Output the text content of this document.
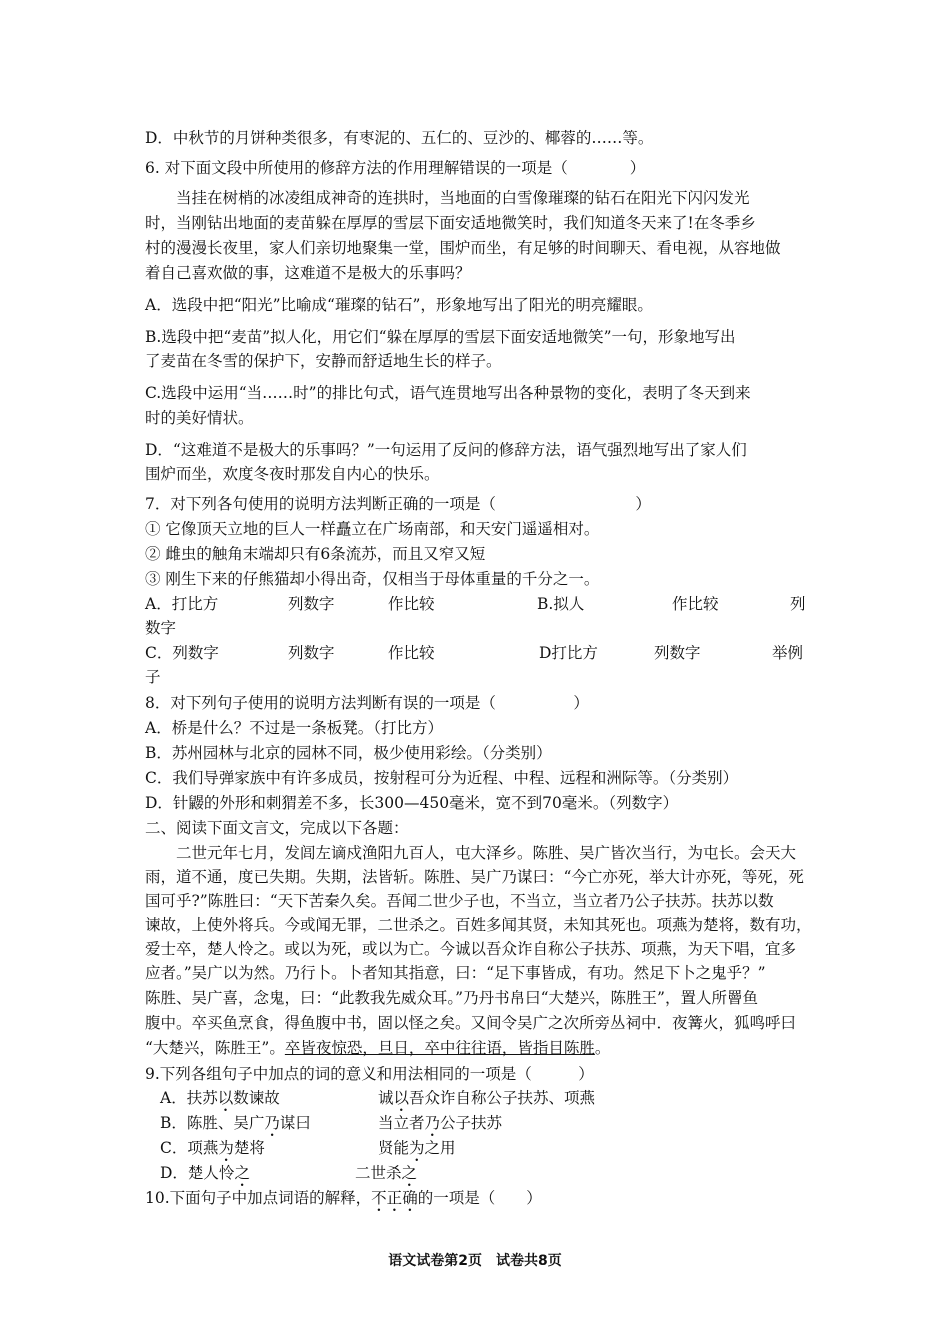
D．中秋节的月饼种类很多，有枣泥的、五仁的、豆沙的、椰蓉的……等。
6. 对下面文段中所使用的修辞方法的作用理解错误的一项是（　　　　）
当挂在树梢的冰凌组成神奇的连拱时，当地面的白雪像璀璨的钻石在阳光下闪闪发光
时，当刚钻出地面的麦苗躲在厚厚的雪层下面安适地微笑时，我们知道冬天来了!在冬季乡
村的漫漫长夜里，家人们亲切地聚集一堂，围炉而坐，有足够的时间聊天、看电视，从容地做
着自己喜欢做的事，这难道不是极大的乐事吗？
A．选段中把“阳光”比喻成“璀璨的钻石”，形象地写出了阳光的明亮耀眼。
B.选段中把“麦苗”拟人化，用它们“躲在厚厚的雪层下面安适地微笑”一句，形象地写出
了麦苗在冬雪的保护下，安静而舒适地生长的样子。
C.选段中运用“当……时”的排比句式，语气连贯地写出各种景物的变化，表明了冬天到来
时的美好情状。
D．“这难道不是极大的乐事吗？”一句运用了反问的修辞方法，语气强烈地写出了家人们
围炉而坐，欢度冬夜时那发自内心的快乐。
7．对下列各句使用的说明方法判断正确的一项是（　　　　　　　　　）
① 它像顶天立地的巨人一样矗立在广场南部，和天安门遥遥相对。
② 雌虫的触角末端却只有6条流苏，而且又窄又短
③ 刚生下来的仔熊猫却小得出奇，仅相当于母体重量的千分之一。
A．打比方	列数字	作比较	B.拟人	作比较	列
数字
C．列数字	列数字	作比较	D打比方	列数字	举例
子
8．对下列句子使用的说明方法判断有误的一项是（　　　　　）
A．桥是什么？不过是一条板凳。（打比方）
B．苏州园林与北京的园林不同，极少使用彩绘。（分类别）
C．我们导弹家族中有许多成员，按射程可分为近程、中程、远程和洲际等。（分类别）
D．针鼹的外形和刺猬差不多，长300—450毫米，宽不到70毫米。（列数字）
二、阅读下面文言文，完成以下各题：
二世元年七月，发闾左谪戍渔阳九百人，屯大泽乡。陈胜、吴广皆次当行，为屯长。会天大
雨，道不通，度已失期。失期，法皆斩。陈胜、吴广乃谋曰：“今亡亦死，举大计亦死，等死，死
国可乎?”陈胜曰：“天下苦秦久矣。吾闻二世少子也，不当立，当立者乃公子扶苏。扶苏以数
谏故，上使外将兵。今或闻无罪，二世杀之。百姓多闻其贤，未知其死也。项燕为楚将，数有功，
爱士卒，楚人怜之。或以为死，或以为亡。今诚以吾众诈自称公子扶苏、项燕，为天下唱，宜多
应者。”吴广以为然。乃行卜。卜者知其指意，曰：“足下事皆成，有功。然足下卜之鬼乎？”
陈胜、吴广喜，念鬼，曰：“此教我先威众耳。”乃丹书帛曰“大楚兴，陈胜王”，置人所罾鱼
腹中。卒买鱼烹食，得鱼腹中书，固以怪之矣。又间令吴广之次所旁丛祠中．夜篝火，狐鸣呼曰
“大楚兴，陈胜王”。卒皆夜惊恐，旦日，卒中往往语，皆指目陈胜。
9.下列各组句子中加点的词的意义和用法相同的一项是（　　　）
A．扶苏以数谏故	诚以吾众诈自称公子扶苏、项燕
B．陈胜、吴广乃谋曰	当立者乃公子扶苏
C．项燕为楚将	贤能为之用
D．楚人怜之	二世杀之
10.下面句子中加点词语的解释，不正确的一项是（　　）
语文试卷第2页　试卷共8页
